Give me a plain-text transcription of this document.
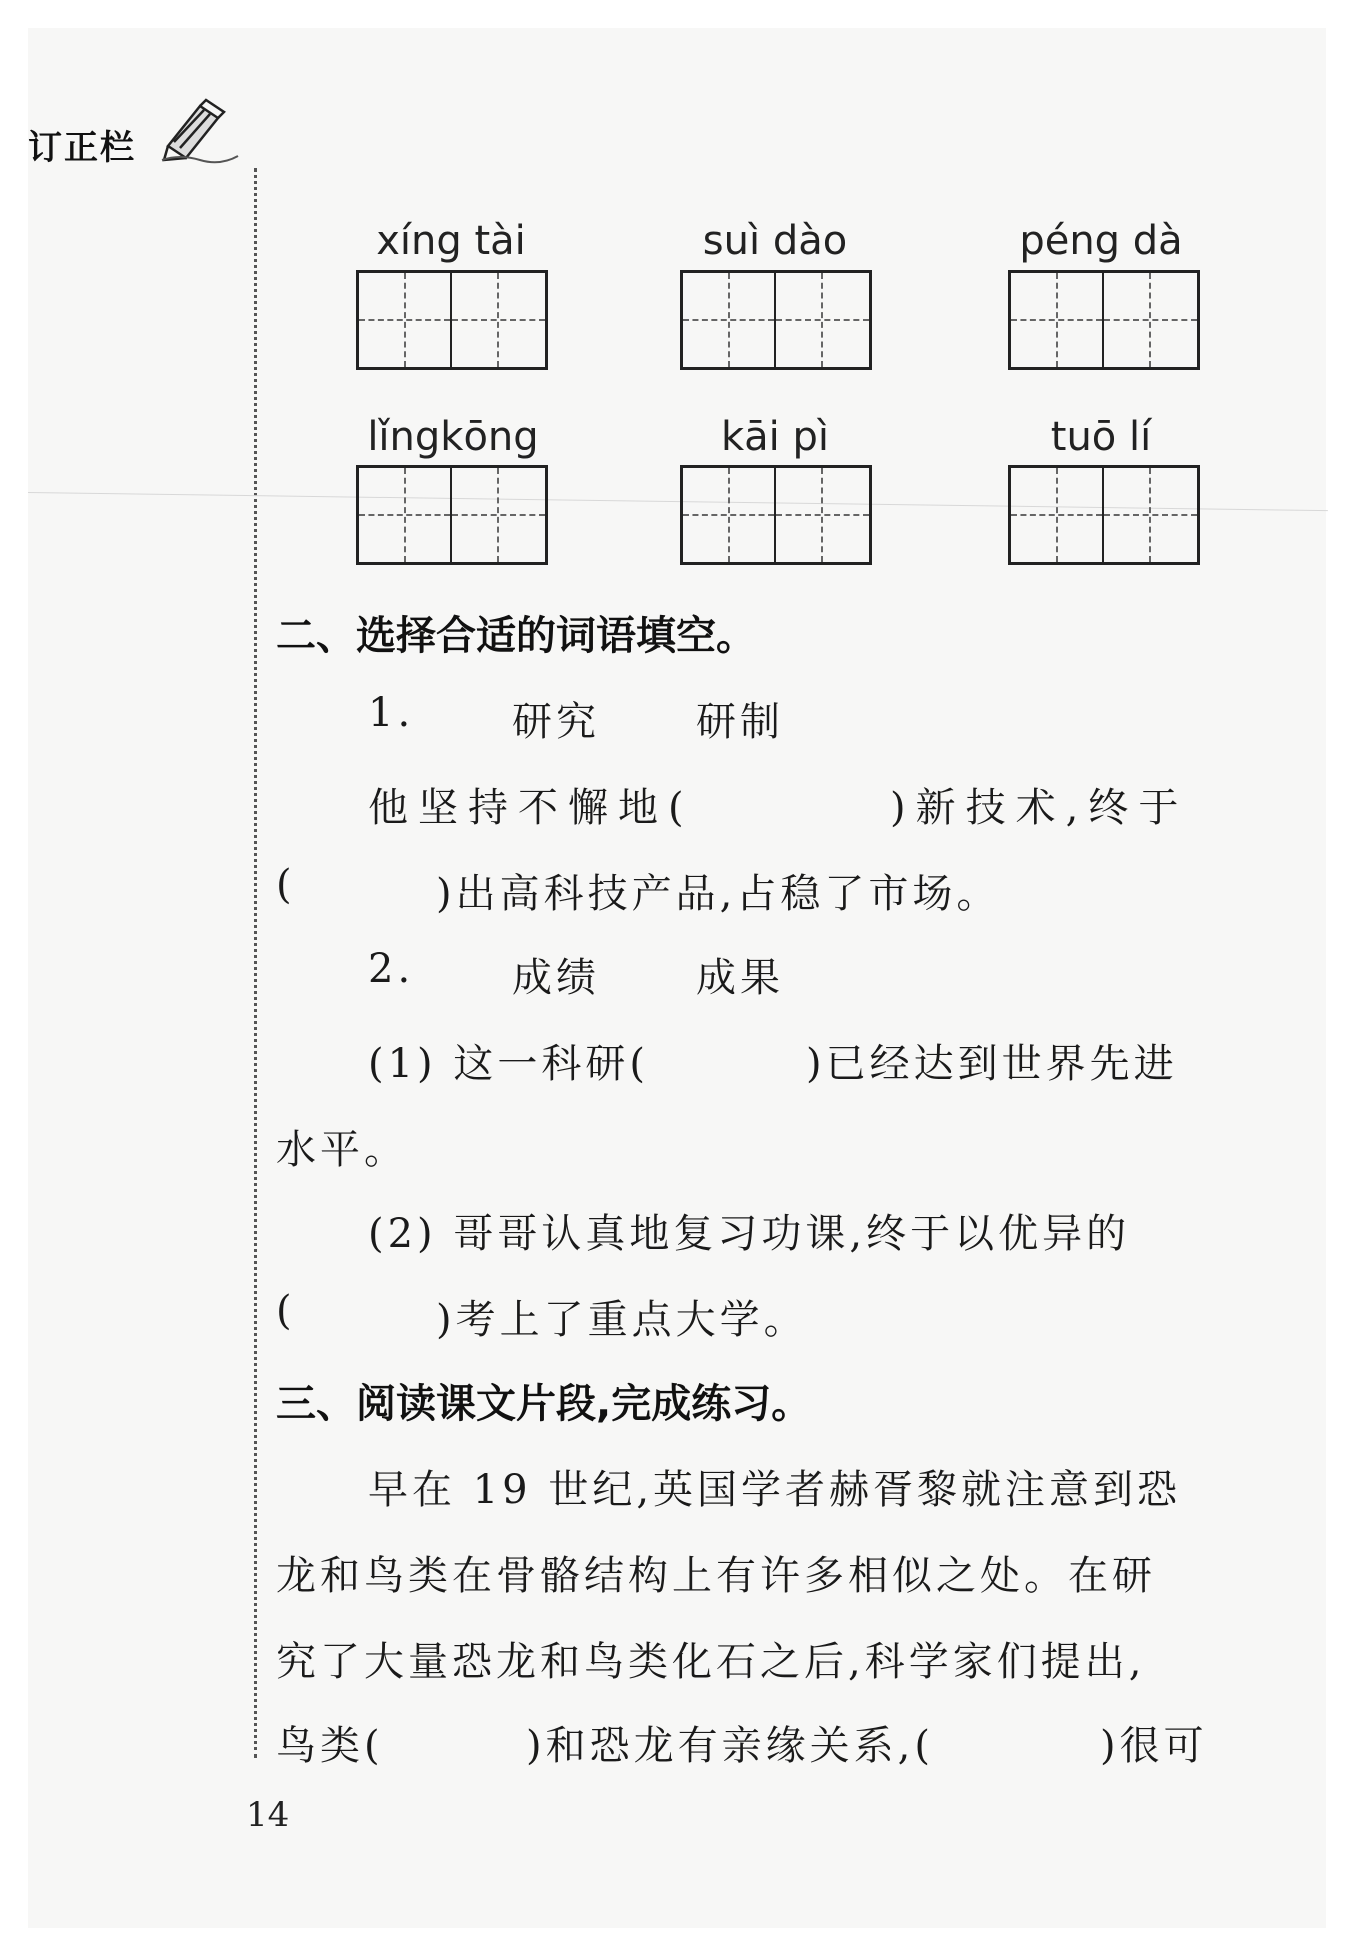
订正栏
xíng tài	suì dào	péng dà
lǐngkōng	kāi pì	tuō lí
二、选择合适的词语填空。
1. 研究 研制
他坚持不懈地(	)新技术,终于
(	)出高科技产品,占稳了市场。
2. 成绩 成果
(1) 这一科研(	)已经达到世界先进
水平。
(2) 哥哥认真地复习功课,终于以优异的
(	)考上了重点大学。
三、阅读课文片段,完成练习。
早在 19 世纪,英国学者赫胥黎就注意到恐
龙和鸟类在骨骼结构上有许多相似之处。在研
究了大量恐龙和鸟类化石之后,科学家们提出,
鸟类(	)和恐龙有亲缘关系,(	)很可
14
